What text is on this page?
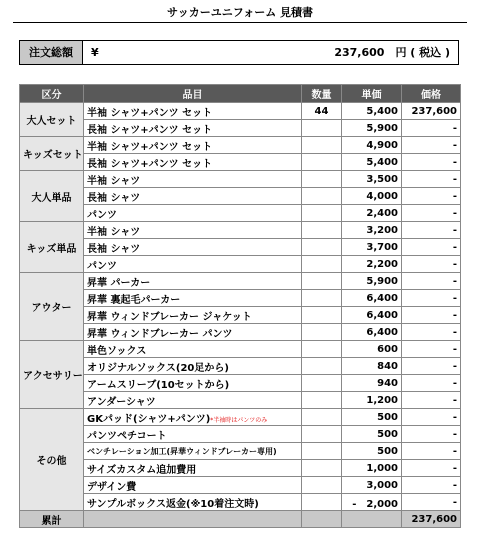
サッカーユニフォーム 見積書
注文総額	¥	237,600　 円 ( 税込 )
区分	品目	数量	単価	価格
大人セット	半袖 シャツ+パンツ セット	44	5,400	237,600
	長袖 シャツ+パンツ セット		5,900	-
キッズセット	半袖 シャツ+パンツ セット		4,900	-
	長袖 シャツ+パンツ セット		5,400	-
大人単品	半袖 シャツ		3,500	-
	長袖 シャツ		4,000	-
	パンツ		2,400	-
キッズ単品	半袖 シャツ		3,200	-
	長袖 シャツ		3,700	-
	パンツ		2,200	-
アウター	昇華 パーカー		5,900	-
	昇華 裏起毛パーカー		6,400	-
	昇華 ウィンドブレーカー ジャケット		6,400	-
	昇華 ウィンドブレーカー パンツ		6,400	-
アクセサリー	単色ソックス		600	-
	オリジナルソックス(20足から)		840	-
	アームスリーブ(10セットから)		940	-
	アンダーシャツ		1,200	-
その他	GKパッド(シャツ+パンツ)*半袖時はパンツのみ		500	-
	パンツペチコート		500	-
	ベンチレーション加工(昇華ウィンドブレーカー専用)		500	-
	サイズカスタム追加費用		1,000	-
	デザイン費		3,000	-
	サンプルボックス返金(※10着注文時)		-　2,000	-
累計				237,600
